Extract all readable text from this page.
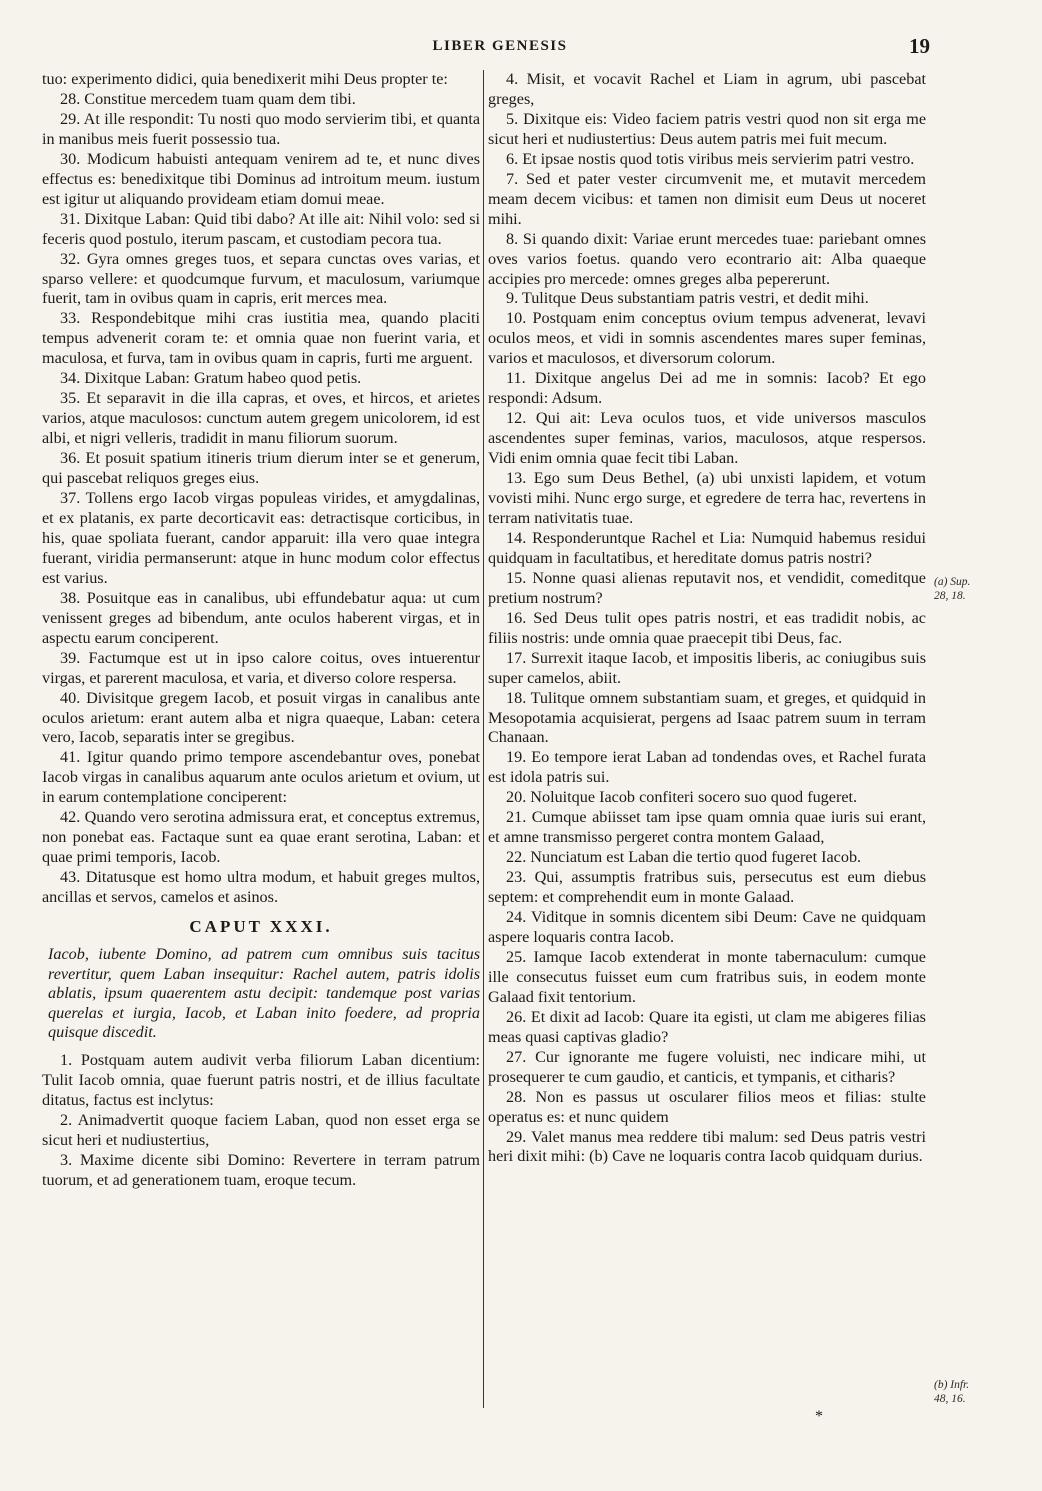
LIBER GENESIS	19

tuo: experimento didici, quia benedixerit mihi Deus propter te:

28. Constitue mercedem tuam quam dem tibi.

29. At ille respondit: Tu nosti quo modo servierim tibi, et quanta in manibus meis fuerit possessio tua.

30. Modicum habuisti antequam venirem ad te, et nunc dives effectus es: benedixitque tibi Dominus ad introitum meum. iustum est igitur ut aliquando provideam etiam domui meae.

31. Dixitque Laban: Quid tibi dabo? At ille ait: Nihil volo: sed si feceris quod postulo, iterum pascam, et custodiam pecora tua.

32. Gyra omnes greges tuos, et separa cunctas oves varias, et sparso vellere: et quodcumque furvum, et maculosum, variumque fuerit, tam in ovibus quam in capris, erit merces mea.

33. Respondebitque mihi cras iustitia mea, quando placiti tempus advenerit coram te: et omnia quae non fuerint varia, et maculosa, et furva, tam in ovibus quam in capris, furti me arguent.

34. Dixitque Laban: Gratum habeo quod petis.

35. Et separavit in die illa capras, et oves, et hircos, et arietes varios, atque maculosos: cunctum autem gregem unicolorem, id est albi, et nigri velleris, tradidit in manu filiorum suorum.

36. Et posuit spatium itineris trium dierum inter se et generum, qui pascebat reliquos greges eius.

37. Tollens ergo Iacob virgas populeas virides, et amygdalinas, et ex platanis, ex parte decorticavit eas: detractisque corticibus, in his, quae spoliata fuerant, candor apparuit: illa vero quae integra fuerant, viridia permanserunt: atque in hunc modum color effectus est varius.

38. Posuitque eas in canalibus, ubi effundebatur aqua: ut cum venissent greges ad bibendum, ante oculos haberent virgas, et in aspectu earum conciperent.

39. Factumque est ut in ipso calore coitus, oves intuerentur virgas, et parerent maculosa, et varia, et diverso colore respersa.

40. Divisitque gregem Iacob, et posuit virgas in canalibus ante oculos arietum: erant autem alba et nigra quaeque, Laban: cetera vero, Iacob, separatis inter se gregibus.

41. Igitur quando primo tempore ascendebantur oves, ponebat Iacob virgas in canalibus aquarum ante oculos arietum et ovium, ut in earum contemplatione conciperent:

42. Quando vero serotina admissura erat, et conceptus extremus, non ponebat eas. Factaque sunt ea quae erant serotina, Laban: et quae primi temporis, Iacob.

43. Ditatusque est homo ultra modum, et habuit greges multos, ancillas et servos, camelos et asinos.

CAPUT XXXI.

Iacob, iubente Domino, ad patrem cum omnibus suis tacitus revertitur, quem Laban insequitur: Rachel autem, patris idolis ablatis, ipsum quaerentem astu decipit: tandemque post varias querelas et iurgia, Iacob, et Laban inito foedere, ad propria quisque discedit.

1. Postquam autem audivit verba filiorum Laban dicentium: Tulit Iacob omnia, quae fuerunt patris nostri, et de illius facultate ditatus, factus est inclytus:

2. Animadvertit quoque faciem Laban, quod non esset erga se sicut heri et nudiustertius,

3. Maxime dicente sibi Domino: Revertere in terram patrum tuorum, et ad generationem tuam, eroque tecum.

4. Misit, et vocavit Rachel et Liam in agrum, ubi pascebat greges,

5. Dixitque eis: Video faciem patris vestri quod non sit erga me sicut heri et nudiustertius: Deus autem patris mei fuit mecum.

6. Et ipsae nostis quod totis viribus meis servierim patri vestro.

7. Sed et pater vester circumvenit me, et mutavit mercedem meam decem vicibus: et tamen non dimisit eum Deus ut noceret mihi.

8. Si quando dixit: Variae erunt mercedes tuae: pariebant omnes oves varios foetus. quando vero econtrario ait: Alba quaeque accipies pro mercede: omnes greges alba pepererunt.

9. Tulitque Deus substantiam patris vestri, et dedit mihi.

10. Postquam enim conceptus ovium tempus advenerat, levavi oculos meos, et vidi in somnis ascendentes mares super feminas, varios et maculosos, et diversorum colorum.

11. Dixitque angelus Dei ad me in somnis: Iacob? Et ego respondi: Adsum.

12. Qui ait: Leva oculos tuos, et vide universos masculos ascendentes super feminas, varios, maculosos, atque respersos. Vidi enim omnia quae fecit tibi Laban.

13. Ego sum Deus Bethel, (a) ubi unxisti lapidem, et votum vovisti mihi. Nunc ergo surge, et egredere de terra hac, revertens in terram nativitatis tuae.

14. Responderuntque Rachel et Lia: Numquid habemus residui quidquam in facultatibus, et hereditate domus patris nostri?

15. Nonne quasi alienas reputavit nos, et vendidit, comeditque pretium nostrum?

16. Sed Deus tulit opes patris nostri, et eas tradidit nobis, ac filiis nostris: unde omnia quae praecepit tibi Deus, fac.

17. Surrexit itaque Iacob, et impositis liberis, ac coniugibus suis super camelos, abiit.

18. Tulitque omnem substantiam suam, et greges, et quidquid in Mesopotamia acquisierat, pergens ad Isaac patrem suum in terram Chanaan.

19. Eo tempore ierat Laban ad tondendas oves, et Rachel furata est idola patris sui.

20. Noluitque Iacob confiteri socero suo quod fugeret.

21. Cumque abiisset tam ipse quam omnia quae iuris sui erant, et amne transmisso pergeret contra montem Galaad,

22. Nunciatum est Laban die tertio quod fugeret Iacob.

23. Qui, assumptis fratribus suis, persecutus est eum diebus septem: et comprehendit eum in monte Galaad.

24. Viditque in somnis dicentem sibi Deum: Cave ne quidquam aspere loquaris contra Iacob.

25. Iamque Iacob extenderat in monte tabernaculum: cumque ille consecutus fuisset eum cum fratribus suis, in eodem monte Galaad fixit tentorium.

26. Et dixit ad Iacob: Quare ita egisti, ut clam me abigeres filias meas quasi captivas gladio?

27. Cur ignorante me fugere voluisti, nec indicare mihi, ut prosequerer te cum gaudio, et canticis, et tympanis, et citharis?

28. Non es passus ut oscularer filios meos et filias: stulte operatus es: et nunc quidem

29. Valet manus mea reddere tibi malum: sed Deus patris vestri heri dixit mihi: (b) Cave ne loquaris contra Iacob quidquam durius.

(a) Sup.
28, 18.
(b) Infr.
48, 16.
*
